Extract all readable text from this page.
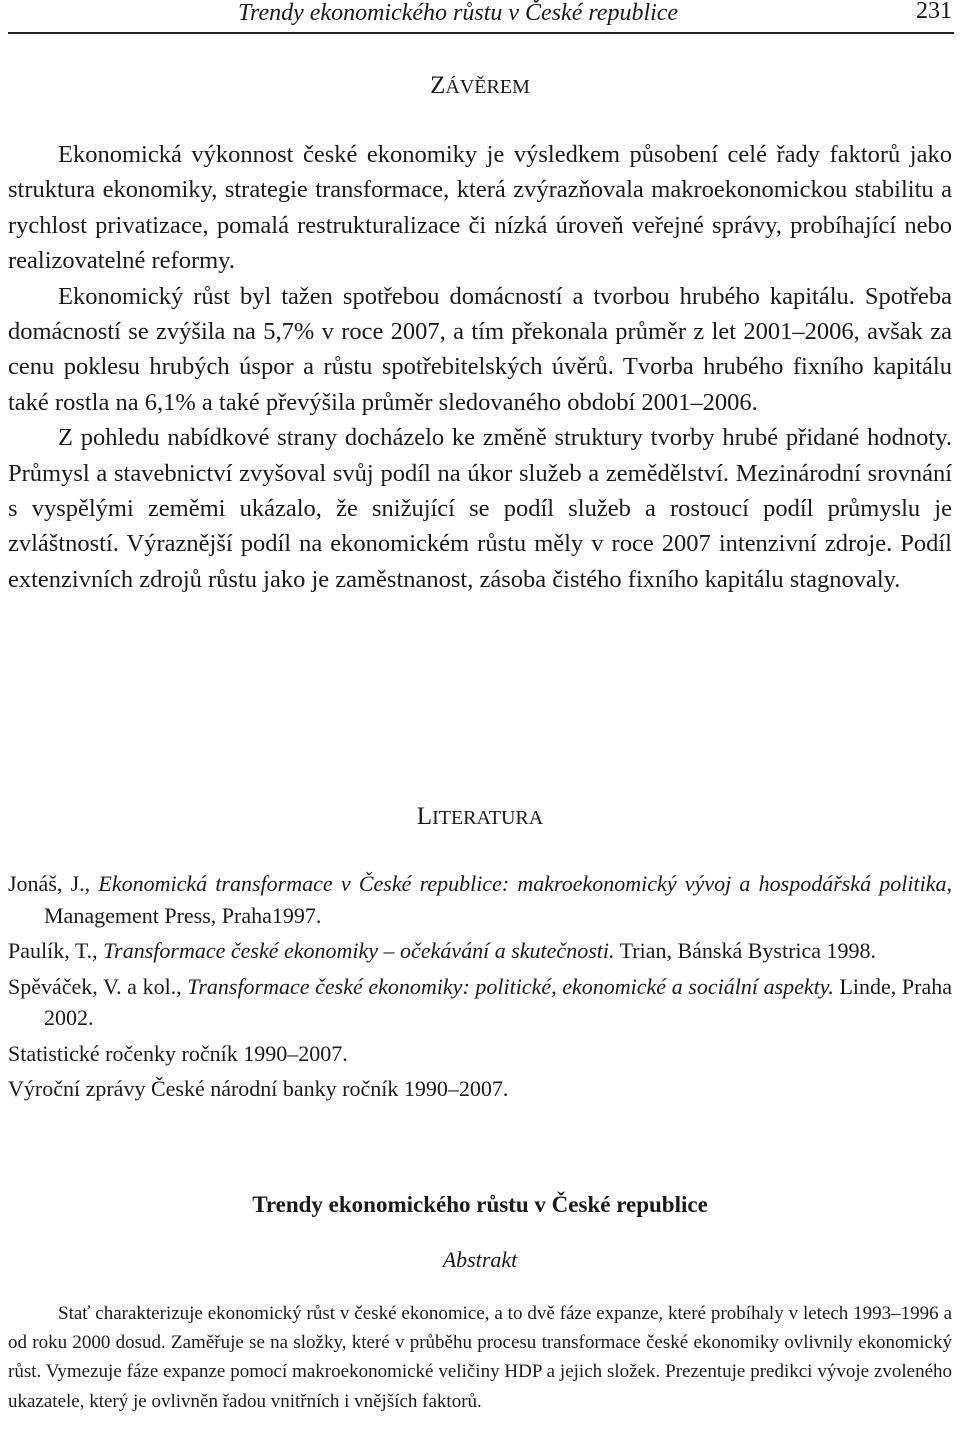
Trendy ekonomického růstu v České republice	231
ZÁVĚREM

Ekonomická výkonnost české ekonomiky je výsledkem působení celé řady faktorů jako struktura ekonomiky, strategie transformace, která zvýrazňovala makroekonomickou stabilitu a rychlost privatizace, pomalá restrukturalizace či nízká úroveň veřejné správy, probíhající nebo realizovatelné reformy.

Ekonomický růst byl tažen spotřebou domácností a tvorbou hrubého kapitálu. Spotřeba domácností se zvýšila na 5,7% v roce 2007, a tím překonala průměr z let 2001–2006, avšak za cenu poklesu hrubých úspor a růstu spotřebitelských úvěrů. Tvorba hrubého fixního kapitálu také rostla na 6,1% a také převýšila průměr sledovaného období 2001–2006.

Z pohledu nabídkové strany docházelo ke změně struktury tvorby hrubé přidané hodnoty. Průmysl a stavebnictví zvyšoval svůj podíl na úkor služeb a zemědělství. Mezinárodní srovnání s vyspělými zeměmi ukázalo, že snižující se podíl služeb a rostoucí podíl průmyslu je zvláštností. Výraznější podíl na ekonomickém růstu měly v roce 2007 intenzivní zdroje. Podíl extenzivních zdrojů růstu jako je zaměstnanost, zásoba čistého fixního kapitálu stagnovaly.

LITERATURA
Jonáš, J., Ekonomická transformace v České republice: makroekonomický vývoj a hospodářská politika, Management Press, Praha1997.
Paulík, T., Transformace české ekonomiky – očekávání a skutečnosti. Trian, Bánská Bystrica 1998.
Spěváček, V. a kol., Transformace české ekonomiky: politické, ekonomické a sociální aspekty. Linde, Praha 2002.
Statistické ročenky ročník 1990–2007.
Výroční zprávy České národní banky ročník 1990–2007.
Trendy ekonomického růstu v České republice
Abstrakt

Stať charakterizuje ekonomický růst v české ekonomice, a to dvě fáze expanze, které probíhaly v letech 1993–1996 a od roku 2000 dosud. Zaměřuje se na složky, které v průběhu procesu transformace české ekonomiky ovlivnily ekonomický růst. Vymezuje fáze expanze pomocí makroekonomické veličiny HDP a jejich složek. Prezentuje predikci vývoje zvoleného ukazatele, který je ovlivněn řadou vnitřních i vnějších faktorů.
